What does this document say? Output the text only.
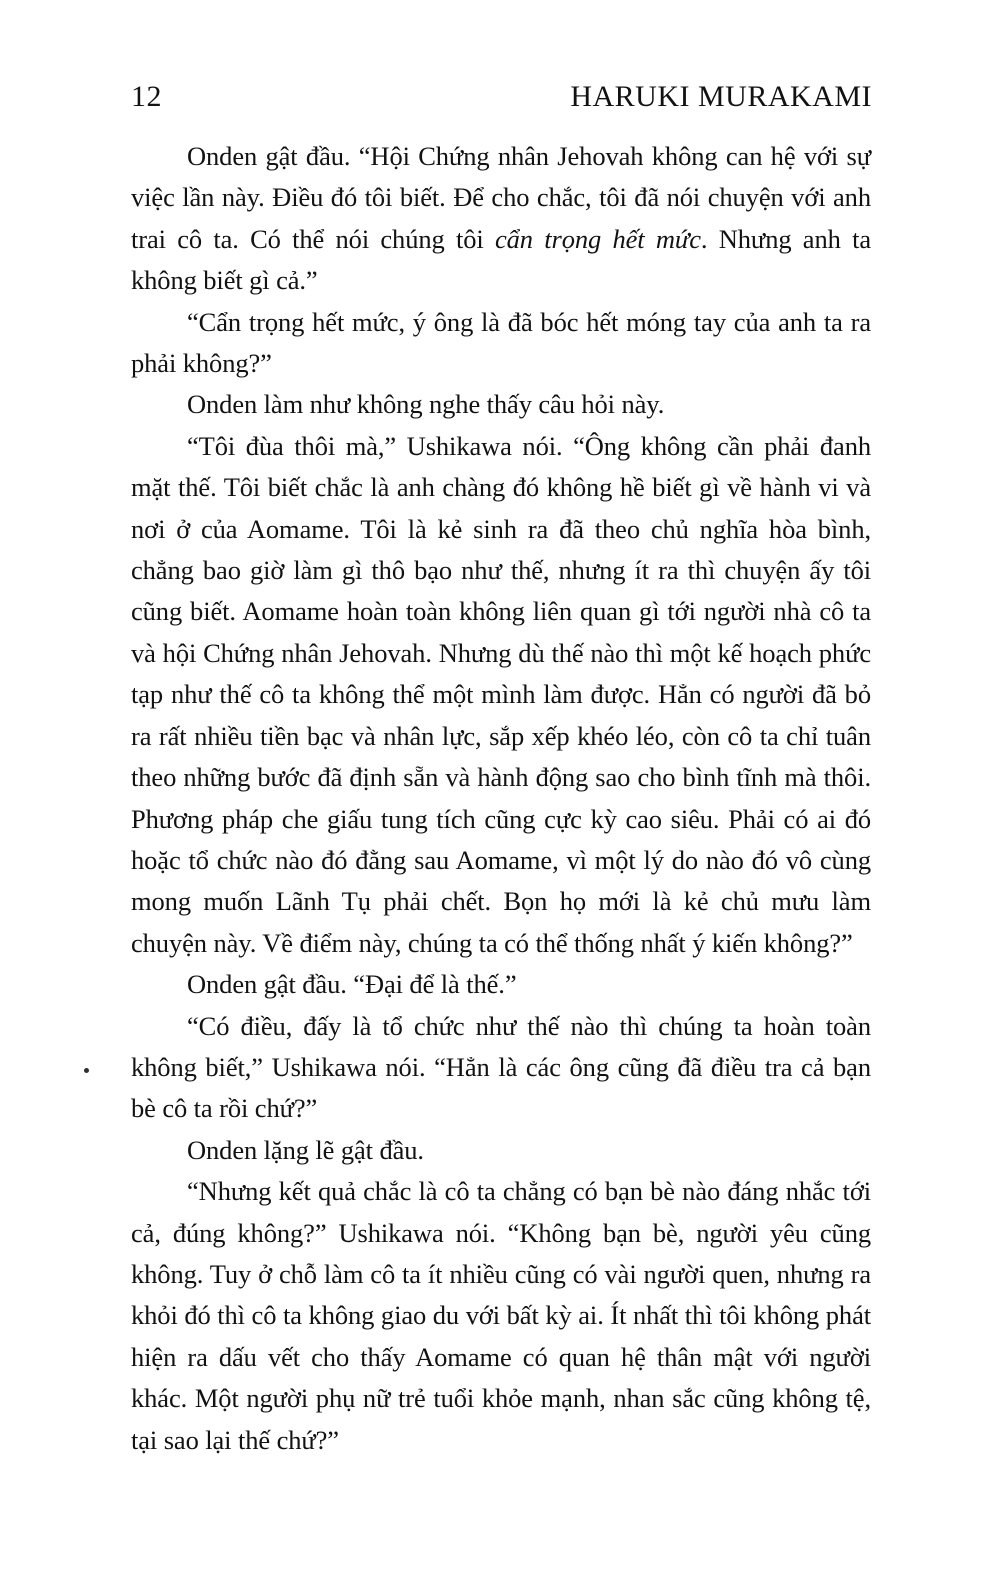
12	HARUKI MURAKAMI

Onden gật đầu. “Hội Chứng nhân Jehovah không can hệ với sự việc lần này. Điều đó tôi biết. Để cho chắc, tôi đã nói chuyện với anh trai cô ta. Có thể nói chúng tôi cẩn trọng hết mức. Nhưng anh ta không biết gì cả.”

“Cẩn trọng hết mức, ý ông là đã bóc hết móng tay của anh ta ra phải không?”

Onden làm như không nghe thấy câu hỏi này.

“Tôi đùa thôi mà,” Ushikawa nói. “Ông không cần phải đanh mặt thế. Tôi biết chắc là anh chàng đó không hề biết gì về hành vi và nơi ở của Aomame. Tôi là kẻ sinh ra đã theo chủ nghĩa hòa bình, chẳng bao giờ làm gì thô bạo như thế, nhưng ít ra thì chuyện ấy tôi cũng biết. Aomame hoàn toàn không liên quan gì tới người nhà cô ta và hội Chứng nhân Jehovah. Nhưng dù thế nào thì một kế hoạch phức tạp như thế cô ta không thể một mình làm được. Hẳn có người đã bỏ ra rất nhiều tiền bạc và nhân lực, sắp xếp khéo léo, còn cô ta chỉ tuân theo những bước đã định sẵn và hành động sao cho bình tĩnh mà thôi. Phương pháp che giấu tung tích cũng cực kỳ cao siêu. Phải có ai đó hoặc tổ chức nào đó đằng sau Aomame, vì một lý do nào đó vô cùng mong muốn Lãnh Tụ phải chết. Bọn họ mới là kẻ chủ mưu làm chuyện này. Về điểm này, chúng ta có thể thống nhất ý kiến không?”

Onden gật đầu. “Đại để là thế.”

“Có điều, đấy là tổ chức như thế nào thì chúng ta hoàn toàn không biết,” Ushikawa nói. “Hẳn là các ông cũng đã điều tra cả bạn bè cô ta rồi chứ?”

Onden lặng lẽ gật đầu.

“Nhưng kết quả chắc là cô ta chẳng có bạn bè nào đáng nhắc tới cả, đúng không?” Ushikawa nói. “Không bạn bè, người yêu cũng không. Tuy ở chỗ làm cô ta ít nhiều cũng có vài người quen, nhưng ra khỏi đó thì cô ta không giao du với bất kỳ ai. Ít nhất thì tôi không phát hiện ra dấu vết cho thấy Aomame có quan hệ thân mật với người khác. Một người phụ nữ trẻ tuổi khỏe mạnh, nhan sắc cũng không tệ, tại sao lại thế chứ?”
